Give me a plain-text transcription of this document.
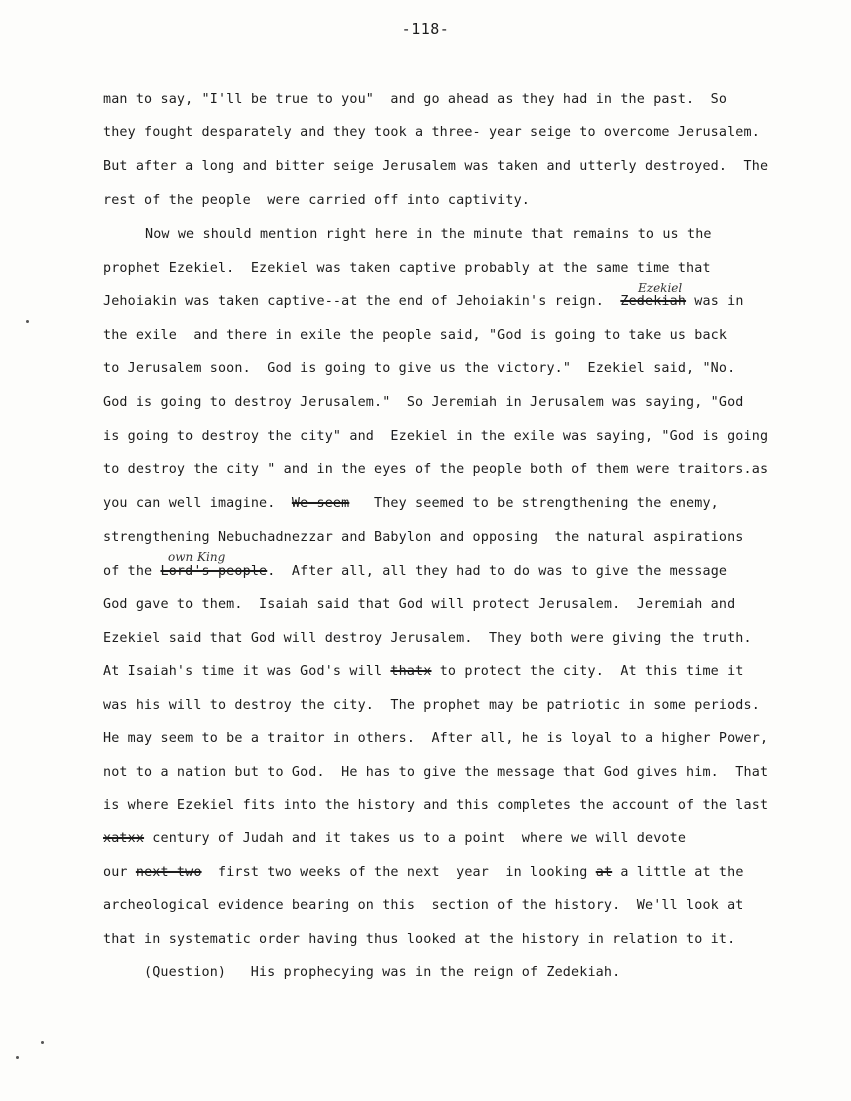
-118-
man to say, "I'll be true to you"  and go ahead as they had in the past.  So
they fought desparately and they took a three- year seige to overcome Jerusalem.
But after a long and bitter seige Jerusalem was taken and utterly destroyed.  The
rest of the people  were carried off into captivity.
Now we should mention right here in the minute that remains to us the
prophet Ezekiel.  Ezekiel was taken captive probably at the same time that
Jehoiakin was taken captive--at the end of Jehoiakin's reign.  Zedekiah was in
Ezekiel
the exile  and there in exile the people said, "God is going to take us back
to Jerusalem soon.  God is going to give us the victory."  Ezekiel said, "No.
God is going to destroy Jerusalem."  So Jeremiah in Jerusalem was saying, "God
is going to destroy the city" and  Ezekiel in the exile was saying, "God is going
to destroy the city " and in the eyes of the people both of them were traitors.as
you can well imagine.  We seem   They seemed to be strengthening the enemy,
strengthening Nebuchadnezzar and Babylon and opposing  the natural aspirations
of the Lord's people.  After all, all they had to do was to give the message
own King
God gave to them.  Isaiah said that God will protect Jerusalem.  Jeremiah and
Ezekiel said that God will destroy Jerusalem.  They both were giving the truth.
At Isaiah's time it was God's will thatx to protect the city.  At this time it
was his will to destroy the city.  The prophet may be patriotic in some periods.
He may seem to be a traitor in others.  After all, he is loyal to a higher Power,
not to a nation but to God.  He has to give the message that God gives him.  That
is where Ezekiel fits into the history and this completes the account of the last
xatxx century of Judah and it takes us to a point  where we will devote
our next two  first two weeks of the next  year  in looking at a little at the
archeological evidence bearing on this  section of the history.  We'll look at
that in systematic order having thus looked at the history in relation to it.
(Question)   His prophecying was in the reign of Zedekiah.
